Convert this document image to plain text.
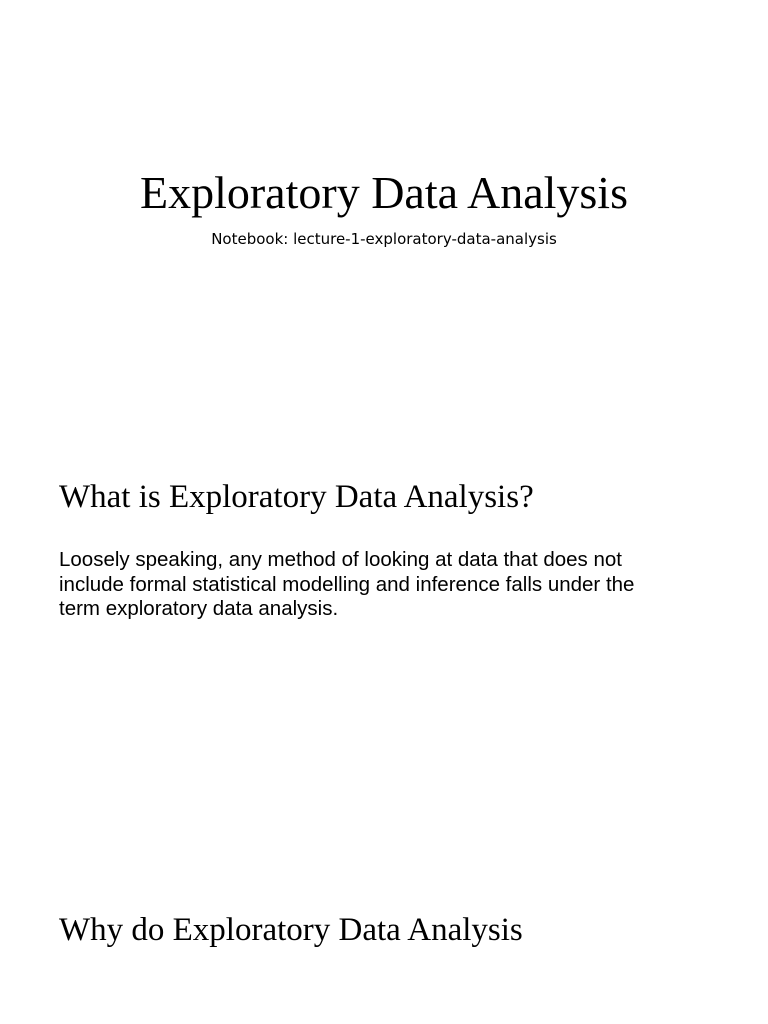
Exploratory Data Analysis

Notebook: lecture-1-exploratory-data-analysis

What is Exploratory Data Analysis?

Loosely speaking, any method of looking at data that does not
include formal statistical modelling and inference falls under the
term exploratory data analysis.

Why do Exploratory Data Analysis
